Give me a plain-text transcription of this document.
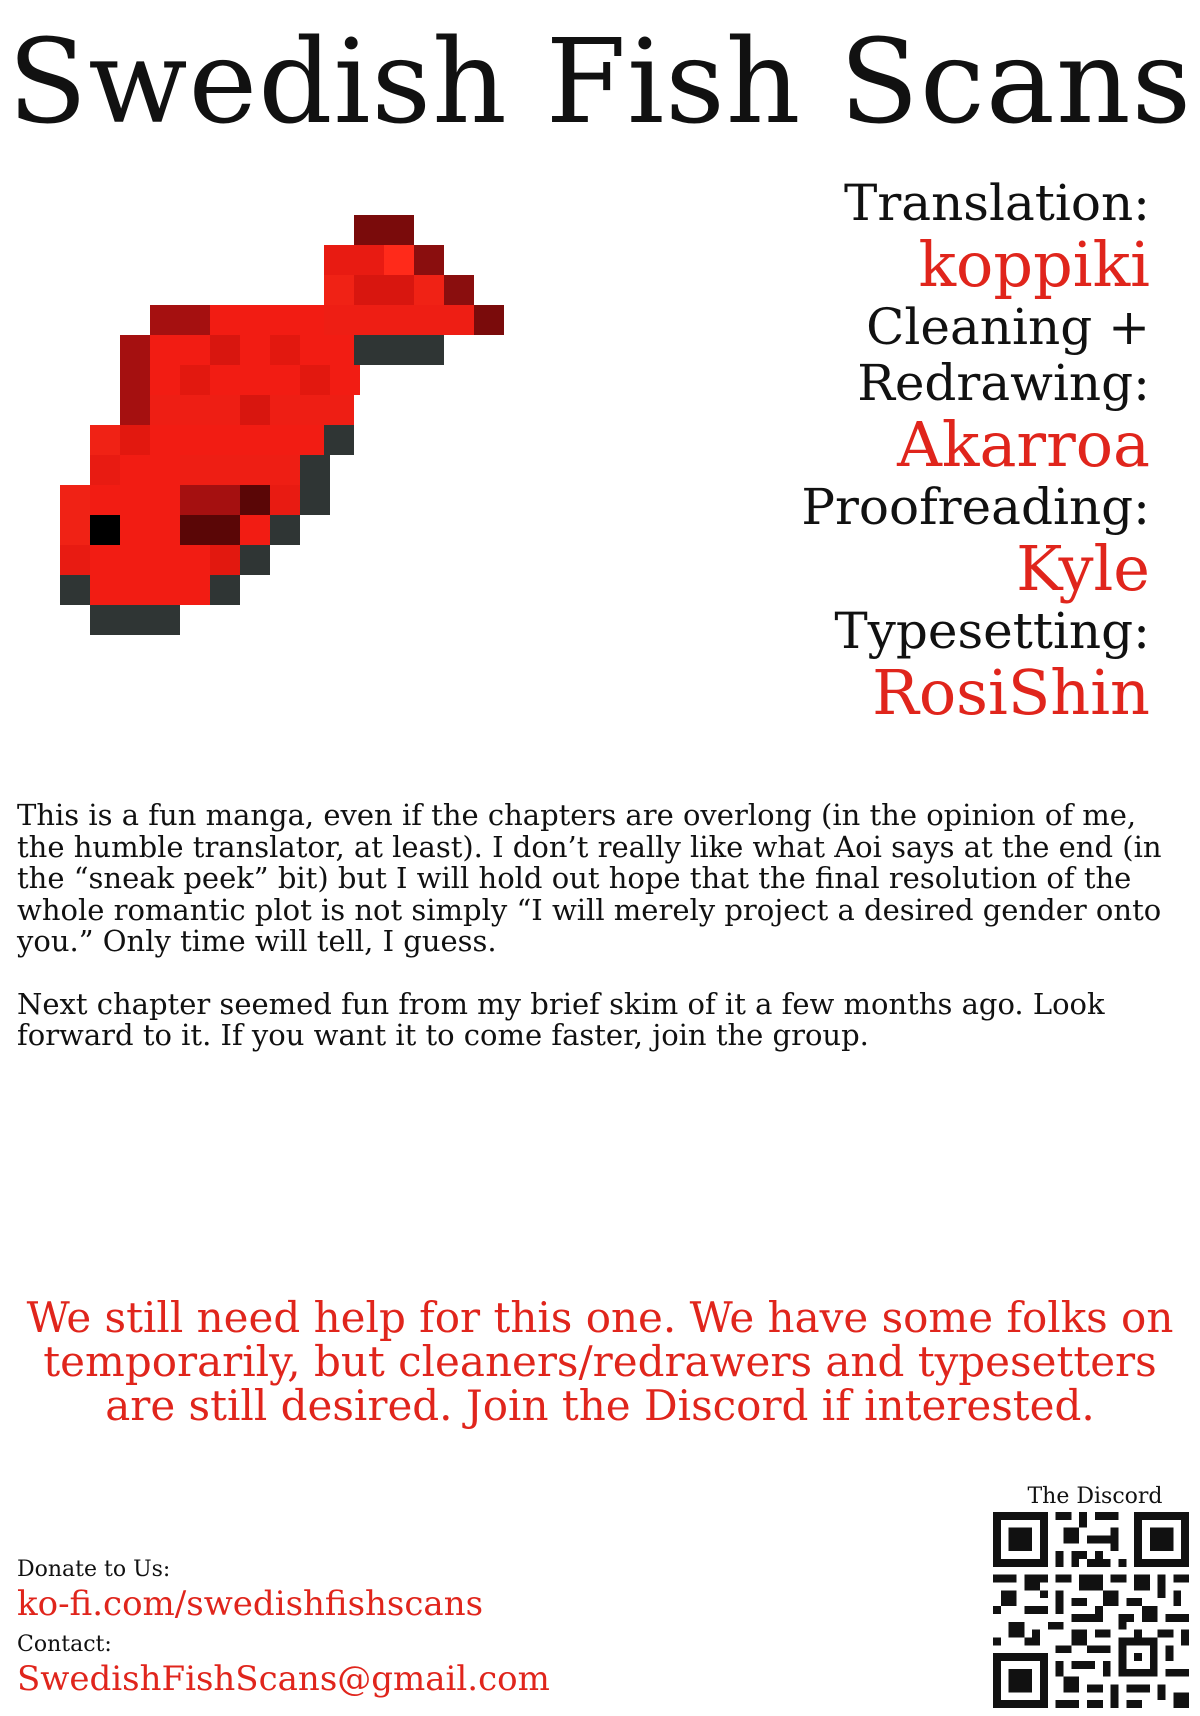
Swedish Fish Scans
Translation:
koppiki
Cleaning +
Redrawing:
Akarroa
Proofreading:
Kyle
Typesetting:
RosiShin

This is a fun manga, even if the chapters are overlong (in the opinion of me, the humble translator, at least). I don’t really like what Aoi says at the end (in the “sneak peek” bit) but I will hold out hope that the final resolution of the whole romantic plot is not simply “I will merely project a desired gender onto you.” Only time will tell, I guess.

Next chapter seemed fun from my brief skim of it a few months ago. Look forward to it. If you want it to come faster, join the group.

We still need help for this one. We have some folks on
temporarily, but cleaners/redrawers and typesetters
are still desired. Join the Discord if interested.
Donate to Us:
ko-fi.com/swedishfishscans
Contact:
SwedishFishScans@gmail.com
The Discord
